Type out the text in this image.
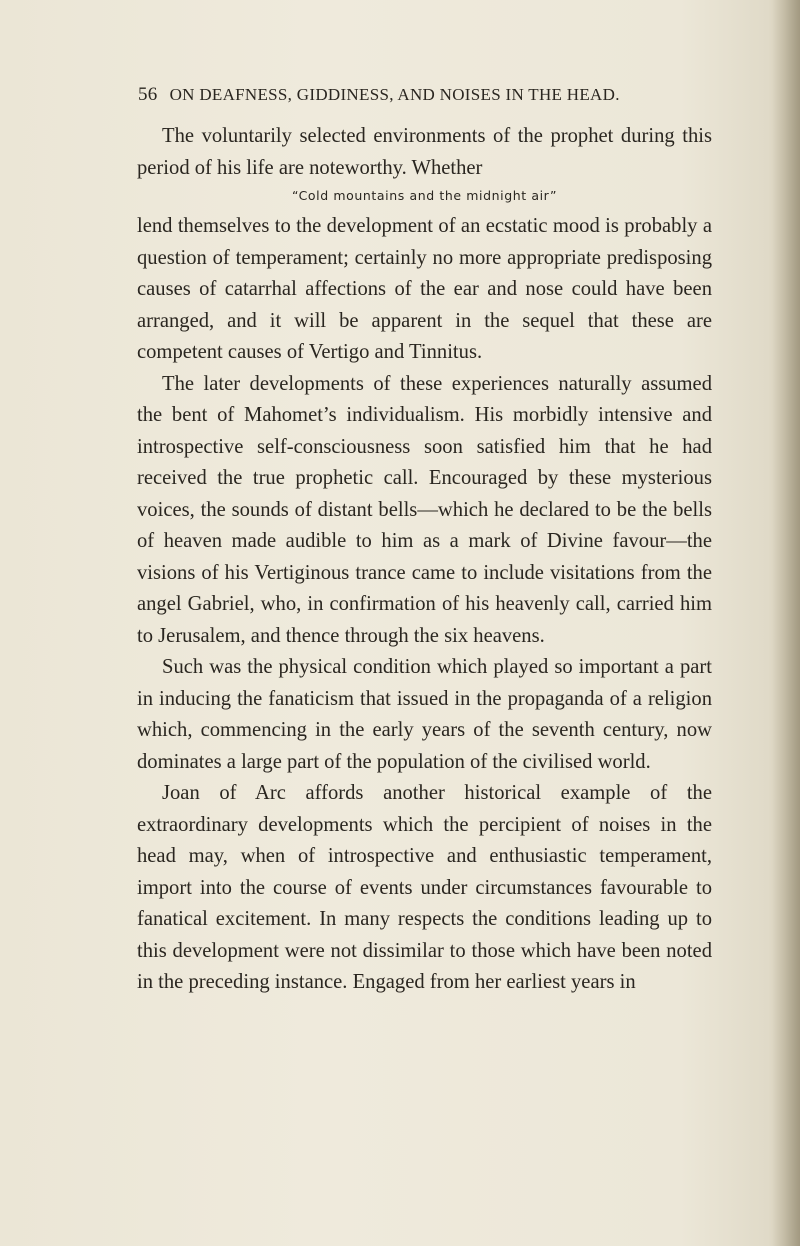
56 ON DEAFNESS, GIDDINESS, AND NOISES IN THE HEAD.

The voluntarily selected environments of the prophet during this period of his life are noteworthy. Whether

“Cold mountains and the midnight air”

lend themselves to the development of an ecstatic mood is probably a question of temperament; certainly no more appropriate predisposing causes of catarrhal affections of the ear and nose could have been arranged, and it will be apparent in the sequel that these are competent causes of Vertigo and Tinnitus.

The later developments of these experiences naturally assumed the bent of Mahomet’s individualism. His morbidly intensive and introspective self-consciousness soon satisfied him that he had received the true prophetic call. Encouraged by these mysterious voices, the sounds of distant bells—which he declared to be the bells of heaven made audible to him as a mark of Divine favour—the visions of his Vertiginous trance came to include visitations from the angel Gabriel, who, in confirmation of his heavenly call, carried him to Jerusalem, and thence through the six heavens.

Such was the physical condition which played so important a part in inducing the fanaticism that issued in the propaganda of a religion which, commencing in the early years of the seventh century, now dominates a large part of the population of the civilised world.

Joan of Arc affords another historical example of the extraordinary developments which the percipient of noises in the head may, when of introspective and enthusiastic temperament, import into the course of events under circumstances favourable to fanatical excitement. In many respects the conditions leading up to this development were not dissimilar to those which have been noted in the preceding instance. Engaged from her earliest years in
